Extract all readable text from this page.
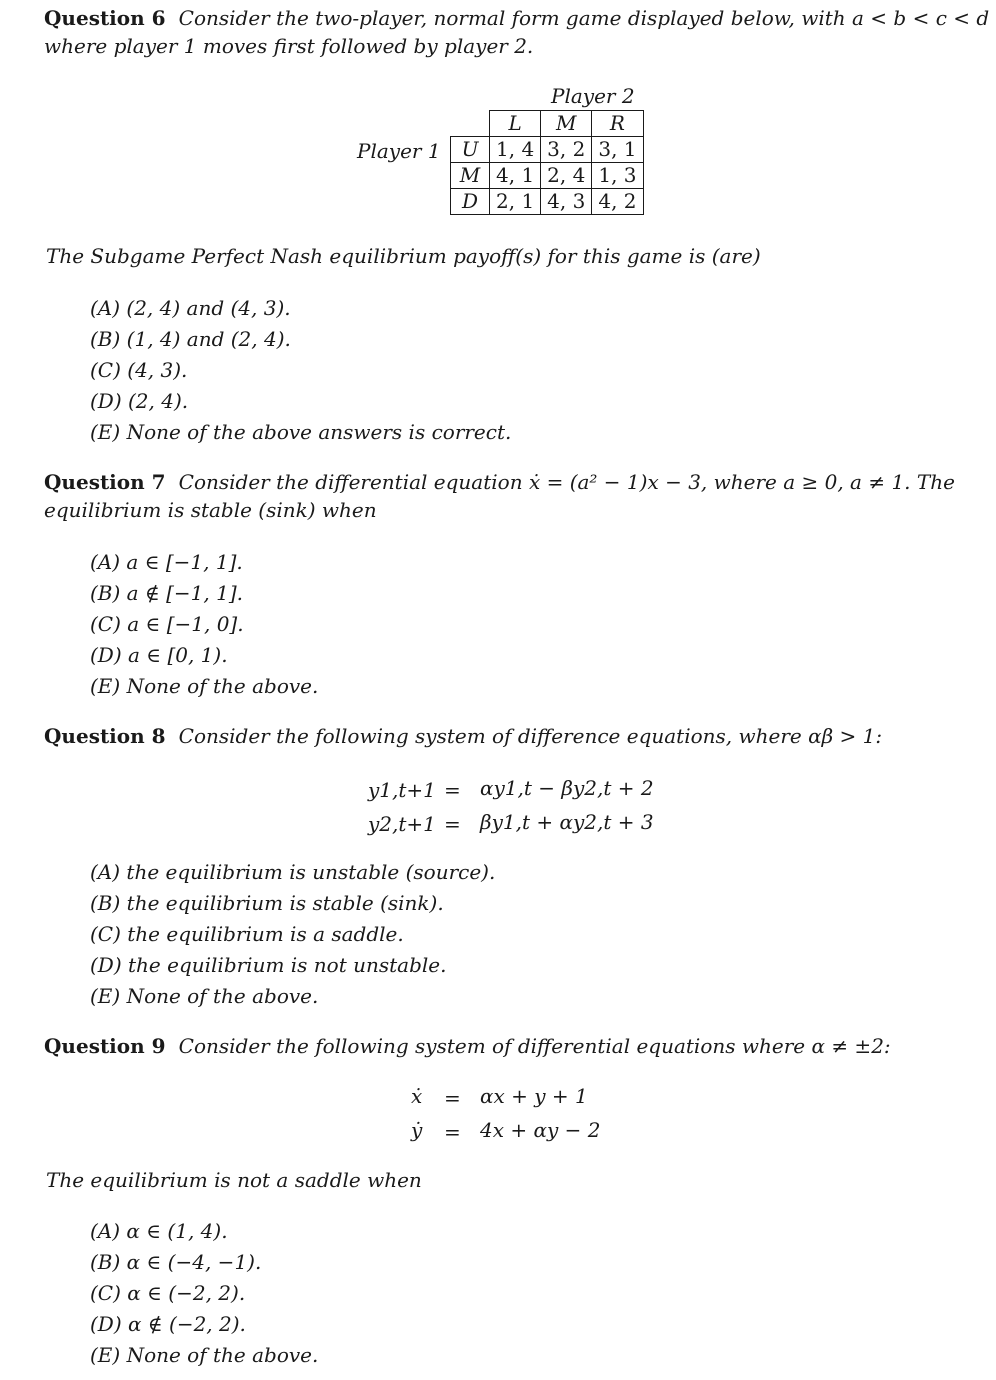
Question 6 Consider the two-player, normal form game displayed below, with a < b < c < d
where player 1 moves first followed by player 2.
Player 2
Player 1
	L	M	R
U	1, 4	3, 2	3, 1
M	4, 1	2, 4	1, 3
D	2, 1	4, 3	4, 2
The Subgame Perfect Nash equilibrium payoff(s) for this game is (are)
(A) (2, 4) and (4, 3).
(B) (1, 4) and (2, 4).
(C) (4, 3).
(D) (2, 4).
(E) None of the above answers is correct.
Question 7 Consider the differential equation ẋ = (a² − 1)x − 3, where a ≥ 0, a ≠ 1. The
equilibrium is stable (sink) when
(A) a ∈ [−1, 1].
(B) a ∉ [−1, 1].
(C) a ∈ [−1, 0].
(D) a ∈ [0, 1).
(E) None of the above.
Question 8 Consider the following system of difference equations, where αβ > 1:
y1,t+1 = αy1,t − βy2,t + 2
y2,t+1 = βy1,t + αy2,t + 3
(A) the equilibrium is unstable (source).
(B) the equilibrium is stable (sink).
(C) the equilibrium is a saddle.
(D) the equilibrium is not unstable.
(E) None of the above.
Question 9 Consider the following system of differential equations where α ≠ ±2:
ẋ = αx + y + 1
ẏ = 4x + αy − 2
The equilibrium is not a saddle when
(A) α ∈ (1, 4).
(B) α ∈ (−4, −1).
(C) α ∈ (−2, 2).
(D) α ∉ (−2, 2).
(E) None of the above.
